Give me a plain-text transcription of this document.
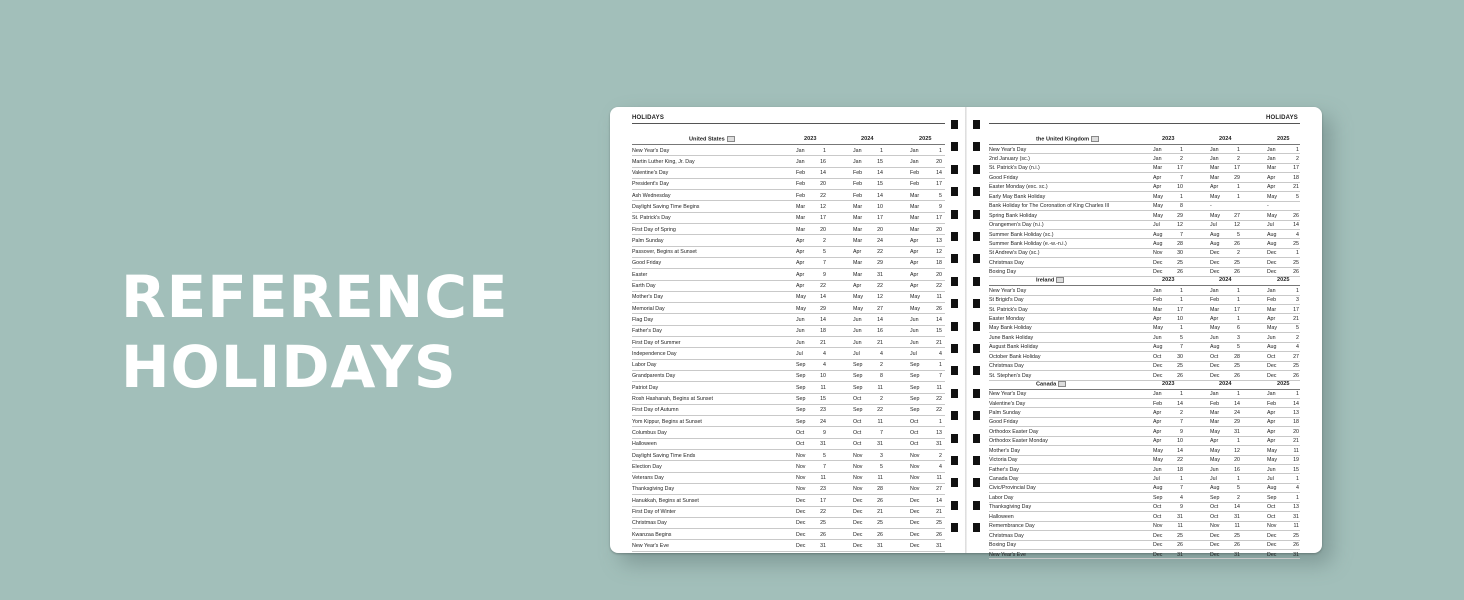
REFERENCE
HOLIDAYS
HOLIDAYS
United States	2023	2024	2025
New Year's Day	Jan	1	Jan	1	Jan	1
Martin Luther King, Jr. Day	Jan	16	Jan	15	Jan	20
Valentine's Day	Feb	14	Feb	14	Feb	14
President's Day	Feb	20	Feb	15	Feb	17
Ash Wednesday	Feb	22	Feb	14	Mar	5
Daylight Saving Time Begins	Mar	12	Mar	10	Mar	9
St. Patrick's Day	Mar	17	Mar	17	Mar	17
First Day of Spring	Mar	20	Mar	20	Mar	20
Palm Sunday	Apr	2	Mar	24	Apr	13
Passover, Begins at Sunset	Apr	5	Apr	22	Apr	12
Good Friday	Apr	7	Mar	29	Apr	18
Easter	Apr	9	Mar	31	Apr	20
Earth Day	Apr	22	Apr	22	Apr	22
Mother's Day	May	14	May	12	May	11
Memorial Day	May	29	May	27	May	26
Flag Day	Jun	14	Jun	14	Jun	14
Father's Day	Jun	18	Jun	16	Jun	15
First Day of Summer	Jun	21	Jun	21	Jun	21
Independence Day	Jul	4	Jul	4	Jul	4
Labor Day	Sep	4	Sep	2	Sep	1
Grandparents Day	Sep	10	Sep	8	Sep	7
Patriot Day	Sep	11	Sep	11	Sep	11
Rosh Hashanah, Begins at Sunset	Sep	15	Oct	2	Sep	22
First Day of Autumn	Sep	23	Sep	22	Sep	22
Yom Kippur, Begins at Sunset	Sep	24	Oct	11	Oct	1
Columbus Day	Oct	9	Oct	7	Oct	13
Halloween	Oct	31	Oct	31	Oct	31
Daylight Saving Time Ends	Nov	5	Nov	3	Nov	2
Election Day	Nov	7	Nov	5	Nov	4
Veterans Day	Nov	11	Nov	11	Nov	11
Thanksgiving Day	Nov	23	Nov	28	Nov	27
Hanukkah, Begins at Sunset	Dec	17	Dec	26	Dec	14
First Day of Winter	Dec	22	Dec	21	Dec	21
Christmas Day	Dec	25	Dec	25	Dec	25
Kwanzaa Begins	Dec	26	Dec	26	Dec	26
New Year's Eve	Dec	31	Dec	31	Dec	31
HOLIDAYS
the United Kingdom	2023	2024	2025
New Year's Day	Jan	1	Jan	1	Jan	1
2nd January (sc.)	Jan	2	Jan	2	Jan	2
St. Patrick's Day (n.i.)	Mar	17	Mar	17	Mar	17
Good Friday	Apr	7	Mar	29	Apr	18
Easter Monday (exc. sc.)	Apr	10	Apr	1	Apr	21
Early May Bank Holiday	May	1	May	1	May	5
Bank Holiday for The Coronation of King Charles III	May	8	-	-
Spring Bank Holiday	May	29	May	27	May	26
Orangemen's Day (n.i.)	Jul	12	Jul	12	Jul	14
Summer Bank Holiday (sc.)	Aug	7	Aug	5	Aug	4
Summer Bank Holiday (e.-w.-n.i.)	Aug	28	Aug	26	Aug	25
St Andrew's Day (sc.)	Nov	30	Dec	2	Dec	1
Christmas Day	Dec	25	Dec	25	Dec	25
Boxing Day	Dec	26	Dec	26	Dec	26
Ireland	2023	2024	2025
New Year's Day	Jan	1	Jan	1	Jan	1
St Brigid's Day	Feb	1	Feb	1	Feb	3
St. Patrick's Day	Mar	17	Mar	17	Mar	17
Easter Monday	Apr	10	Apr	1	Apr	21
May Bank Holiday	May	1	May	6	May	5
June Bank Holiday	Jun	5	Jun	3	Jun	2
August Bank Holiday	Aug	7	Aug	5	Aug	4
October Bank Holiday	Oct	30	Oct	28	Oct	27
Christmas Day	Dec	25	Dec	25	Dec	25
St. Stephen's Day	Dec	26	Dec	26	Dec	26
Canada	2023	2024	2025
New Year's Day	Jan	1	Jan	1	Jan	1
Valentine's Day	Feb	14	Feb	14	Feb	14
Palm Sunday	Apr	2	Mar	24	Apr	13
Good Friday	Apr	7	Mar	29	Apr	18
Orthodox Easter Day	Apr	9	May	31	Apr	20
Orthodox Easter Monday	Apr	10	Apr	1	Apr	21
Mother's Day	May	14	May	12	May	11
Victoria Day	May	22	May	20	May	19
Father's Day	Jun	18	Jun	16	Jun	15
Canada Day	Jul	1	Jul	1	Jul	1
Civic/Provincial Day	Aug	7	Aug	5	Aug	4
Labor Day	Sep	4	Sep	2	Sep	1
Thanksgiving Day	Oct	9	Oct	14	Oct	13
Halloween	Oct	31	Oct	31	Oct	31
Remembrance Day	Nov	11	Nov	11	Nov	11
Christmas Day	Dec	25	Dec	25	Dec	25
Boxing Day	Dec	26	Dec	26	Dec	26
New Year's Eve	Dec	31	Dec	31	Dec	31
